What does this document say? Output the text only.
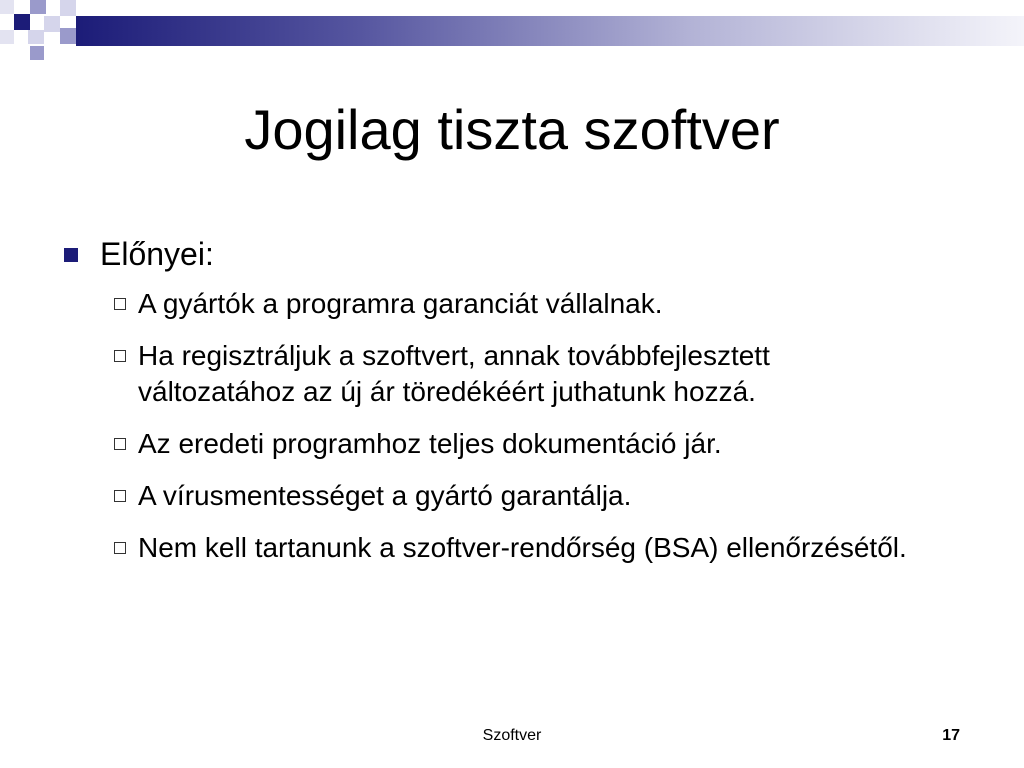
Jogilag tiszta szoftver
Előnyei:
A gyártók a programra garanciát vállalnak.
Ha regisztráljuk a szoftvert, annak továbbfejlesztett változatához az új ár töredékéért juthatunk hozzá.
Az eredeti programhoz teljes dokumentáció jár.
A vírusmentességet a gyártó garantálja.
Nem kell tartanunk a szoftver-rendőrség (BSA) ellenőrzésétől.
Szoftver	17
